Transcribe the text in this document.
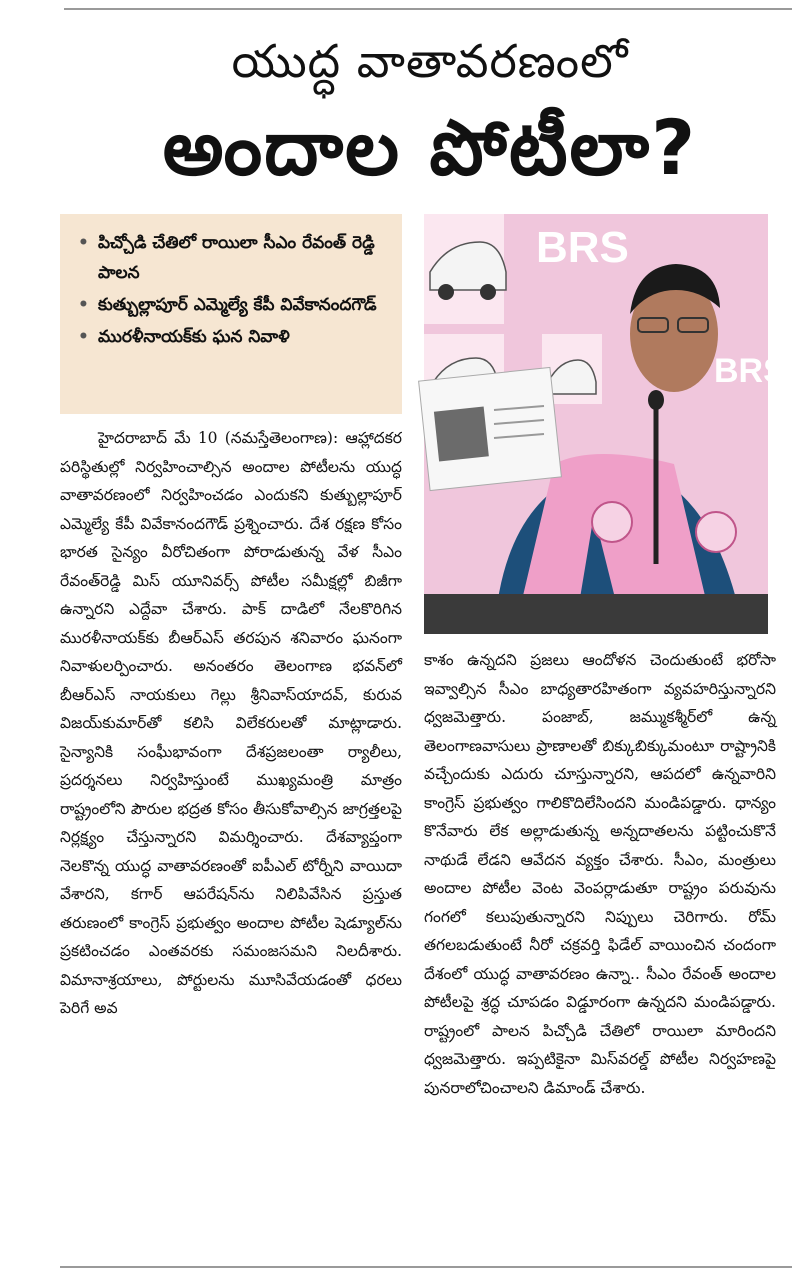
యుద్ధ వాతావరణంలో
అందాల పోటీలా?
• పిచ్చోడి చేతిలో రాయిలా సీఎం రేవంత్ రెడ్డి పాలన
• కుత్బుల్లాపూర్ ఎమ్మెల్యే కేపీ వివేకానందగౌడ్
• మురళీనాయక్‌కు ఘన నివాళి
BRS
BRS

హైదరాబాద్ మే 10 (నమస్తేతెలంగాణ): ఆహ్లాదకర పరిస్థితుల్లో నిర్వహించాల్సిన అందాల పోటీలను యుద్ధ వాతావరణంలో నిర్వహించడం ఎందుకని కుత్బుల్లాపూర్ ఎమ్మెల్యే కేపీ వివేకానందగౌడ్ ప్రశ్నించారు. దేశ రక్షణ కోసం భారత సైన్యం వీరోచితంగా పోరాడుతున్న వేళ సీఎం రేవంత్‌రెడ్డి మిస్ యూనివర్స్ పోటీల సమీక్షల్లో బిజీగా ఉన్నారని ఎద్దేవా చేశారు. పాక్ దాడిలో నేలకొరిగిన మురళీనాయక్‌కు బీఆర్‌ఎస్ తరపున శనివారం ఘనంగా నివాళులర్పించారు. అనంతరం తెలంగాణ భవన్‌లో బీఆర్‌ఎస్ నాయకులు గెల్లు శ్రీనివాస్‌యాదవ్, కురువ విజయ్‌కుమార్‌తో కలిసి విలేకరులతో మాట్లాడారు. సైన్యానికి సంఘీభావంగా దేశప్రజలంతా ర్యాలీలు, ప్రదర్శనలు నిర్వహిస్తుంటే ముఖ్యమంత్రి మాత్రం రాష్ట్రంలోని పౌరుల భద్రత కోసం తీసుకోవాల్సిన జాగ్రత్తలపై నిర్లక్ష్యం చేస్తున్నారని విమర్శించారు. దేశవ్యాప్తంగా నెలకొన్న యుద్ధ వాతావరణంతో ఐపీఎల్ టోర్నీని వాయిదా వేశారని, కగార్ ఆపరేషన్‌ను నిలిపివేసిన ప్రస్తుత తరుణంలో కాంగ్రెస్ ప్రభుత్వం అందాల పోటీల షెడ్యూల్‌ను ప్రకటించడం ఎంతవరకు సమంజసమని నిలదీశారు. విమానాశ్రయాలు, పోర్టులను మూసివేయడంతో ధరలు పెరిగే అవ

కాశం ఉన్నదని ప్రజలు ఆందోళన చెందుతుంటే భరోసా ఇవ్వాల్సిన సీఎం బాధ్యతారహితంగా వ్యవహరిస్తున్నారని ధ్వజమెత్తారు. పంజాబ్, జమ్ముకశ్మీర్‌లో ఉన్న తెలంగాణవాసులు ప్రాణాలతో బిక్కుబిక్కుమంటూ రాష్ట్రానికి వచ్చేందుకు ఎదురు చూస్తున్నారని, ఆపదలో ఉన్నవారిని కాంగ్రెస్ ప్రభుత్వం గాలికొదిలేసిందని మండిపడ్డారు. ధాన్యం కొనేవారు లేక అల్లాడుతున్న అన్నదాతలను పట్టించుకొనే నాథుడే లేడని ఆవేదన వ్యక్తం చేశారు. సీఎం, మంత్రులు అందాల పోటీల వెంట వెంపర్లాడుతూ రాష్ట్రం పరువును గంగలో కలుపుతున్నారని నిప్పులు చెరిగారు. రోమ్ తగలబడుతుంటే నీరో చక్రవర్తి ఫిడేల్ వాయించిన చందంగా దేశంలో యుద్ధ వాతావరణం ఉన్నా.. సీఎం రేవంత్ అందాల పోటీలపై శ్రద్ధ చూపడం విడ్డూరంగా ఉన్నదని మండిపడ్డారు. రాష్ట్రంలో పాలన పిచ్చోడి చేతిలో రాయిలా మారిందని ధ్వజమెత్తారు. ఇప్పటికైనా మిస్‌వరల్డ్ పోటీల నిర్వహణపై పునరాలోచించాలని డిమాండ్ చేశారు.
